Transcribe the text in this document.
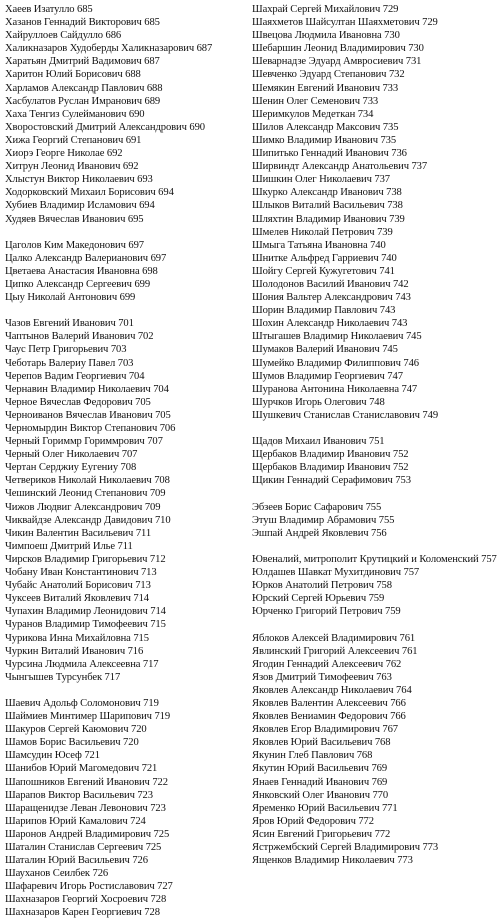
Хаеев Изатулло 685
Хазанов Геннадий Викторович 685
Хайруллоев Сайдулло 686
Халикназаров Худоберды Халикназарович 687
Харатьян Дмитрий Вадимович 687
Харитон Юлий Борисович 688
Харламов Александр Павлович 688
Хасбулатов Руслан Имранович 689
Хаха Тенгиз Сулейманович 690
Хворостовский Дмитрий Александрович 690
Хижа Георгий Степанович 691
Хиорэ Георге Николае 692
Хитрун Леонид Иванович 692
Хлыстун Виктор Николаевич 693
Ходорковский Михаил Борисович 694
Хубиев Владимир Исламович 694
Худяев Вячеслав Иванович 695
Цаголов Ким Македонович 697
Цалко Александр Валерианович 697
Цветаева Анастасия Ивановна 698
Ципко Александр Сергеевич 699
Цыу Николай Антонович 699
Чазов Евгений Иванович 701
Чаптынов Валерий Иванович 702
Чаус Петр Григорьевич 703
Чеботарь Валериу Павел 703
Черепов Вадим Георгиевич 704
Чернавин Владимир Николаевич 704
Черное Вячеслав Федорович 705
Черноиванов Вячеслав Иванович 705
Черномырдин Виктор Степанович 706
Черный Гориммр Гориммрович 707
Черный Олег Николаевич 707
Чертан Серджиу Еугениу 708
Четвериков Николай Николаевич 708
Чешинский Леонид Степанович 709
Чижов Людвиг Александрович 709
Чиквайдзе Александр Давидович 710
Чикин Валентин Васильевич 711
Чимпоеш Дмитрий Илье 711
Чирсков Владимир Григорьевич 712
Чобану Иван Константинович 713
Чубайс Анатолий Борисович 713
Чуксеев Виталий Яковлевич 714
Чупахин Владимир Леонидович 714
Чуранов Владимир Тимофеевич 715
Чурикова Инна Михайловна 715
Чуркин Виталий Иванович 716
Чурсина Людмила Алексеевна 717
Чынгышев Турсунбек 717
Шаевич Адольф Соломонович 719
Шаймиев Минтимер Шарипович 719
Шакуров Сергей Каюмович 720
Шамов Борис Васильевич 720
Шамсудин Юсеф 721
Шанибов Юрий Магомедович 721
Шапошников Евгений Иванович 722
Шарапов Виктор Васильевич 723
Шаращенидзе Леван Левонович 723
Шарипов Юрий Камалович 724
Шаронов Андрей Владимирович 725
Шаталин Станислав Сергеевич 725
Шаталин Юрий Васильевич 726
Шауханов Сеилбек 726
Шафаревич Игорь Ростиславович 727
Шахназаров Георгий Хосроевич 728
Шахназаров Карен Георгиевич 728
Шахрай Сергей Михайлович 729
Шаяхметов Шайсултан Шаяхметович 729
Швецова Людмила Ивановна 730
Шебаршин Леонид Владимирович 730
Шеварнадзе Эдуард Амвросиевич 731
Шевченко Эдуард Степанович 732
Шемякин Евгений Иванович 733
Шенин Олег Семенович 733
Шеримкулов Медеткан 734
Шилов Александр Максович 735
Шимко Владимир Иванович 735
Шипитько Геннадий Иванович 736
Ширвиндт Александр Анатольевич 737
Шишкин Олег Николаевич 737
Шкурко Александр Иванович 738
Шлыков Виталий Васильевич 738
Шляхтин Владимир Иванович 739
Шмелев Николай Петрович 739
Шмыга Татьяна Ивановна 740
Шнитке Альфред Гарриевич 740
Шойгу Сергей Кужугетович 741
Шолодонов Василий Иванович 742
Шония Вальтер Александрович 743
Шорин Владимир Павлович 743
Шохин Александр Николаевич 743
Штыгашев Владимир Николаевич 745
Шумаков Валерий Иванович 745
Шумейко Владимир Филиппович 746
Шумов Владимир Георгиевич 747
Шуранова Антонина Николаевна 747
Шурчков Игорь Олегович 748
Шушкевич Станислав Станиславович 749
Щадов Михаил Иванович 751
Щербаков Владимир Иванович 752
Щербаков Владимир Иванович 752
Щикин Геннадий Серафимович 753
Эбзеев Борис Сафарович 755
Этуш Владимир Абрамович 755
Эшпай Андрей Яковлевич 756
Ювеналий, митрополит Крутицкий и Коломенский 757
Юлдашев Шавкат Мухитдинович 757
Юрков Анатолий Петрович 758
Юрский Сергей Юрьевич 759
Юрченко Григорий Петрович 759
Яблоков Алексей Владимирович 761
Явлинский Григорий Алексеевич 761
Ягодин Геннадий Алексеевич 762
Язов Дмитрий Тимофеевич 763
Яковлев Александр Николаевич 764
Яковлев Валентин Алексеевич 766
Яковлев Вениамин Федорович 766
Яковлев Егор Владимирович 767
Яковлев Юрий Васильевич 768
Якунин Глеб Павлович 768
Якутин Юрий Васильевич 769
Янаев Геннадий Иванович 769
Янковский Олег Иванович 770
Яременко Юрий Васильевич 771
Яров Юрий Федорович 772
Ясин Евгений Григорьевич 772
Ястржембский Сергей Владимирович 773
Ященков Владимир Николаевич 773
